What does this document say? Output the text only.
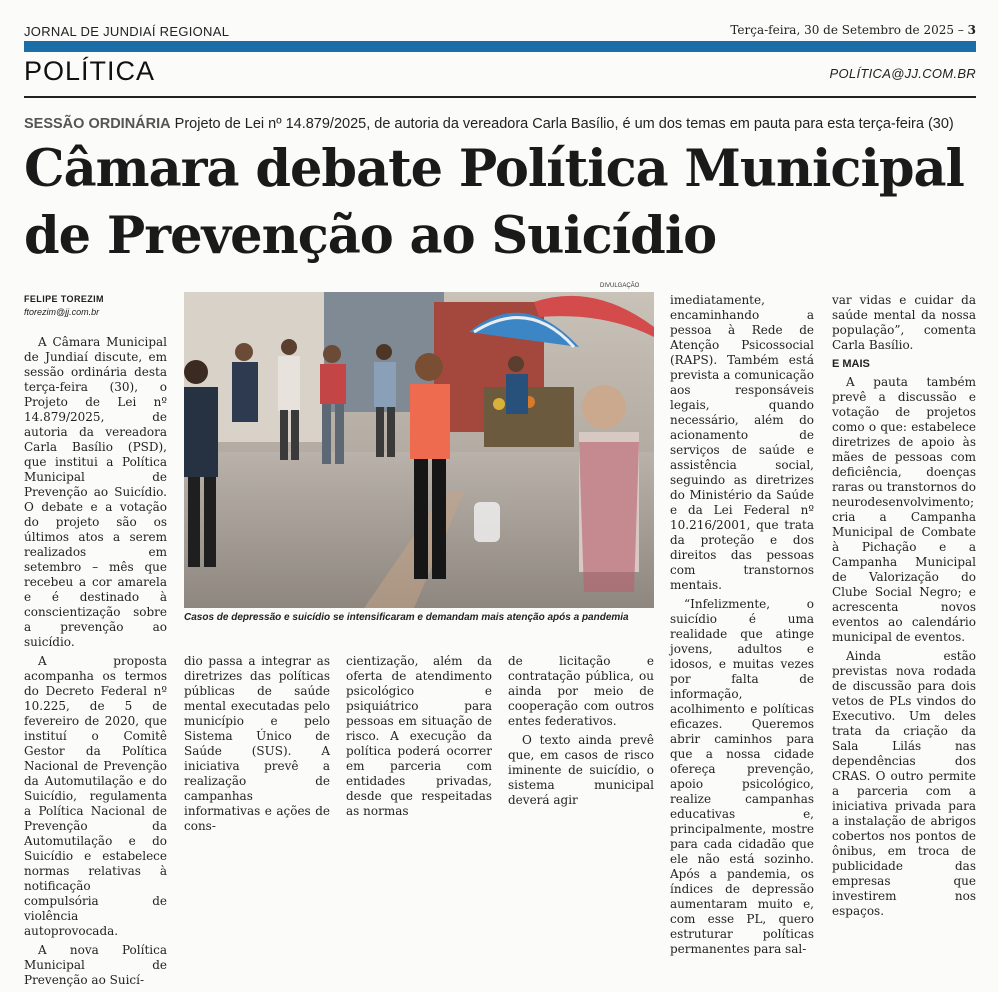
JORNAL DE JUNDIAÍ REGIONAL	Terça-feira, 30 de Setembro de 2025 – 3
POLÍTICA	POLÍTICA@JJ.COM.BR
SESSÃO ORDINÁRIA Projeto de Lei nº 14.879/2025, de autoria da vereadora Carla Basílio, é um dos temas em pauta para esta terça-feira (30)
Câmara debate Política Municipal
de Prevenção ao Suicídio
FELIPE TOREZIM
ftorezim@jj.com.br

A Câmara Municipal de Jundiaí discute, em sessão ordinária desta terça-feira (30), o Projeto de Lei nº 14.879/2025, de autoria da vereadora Carla Basílio (PSD), que institui a Política Municipal de Prevenção ao Suicídio. O debate e a votação do projeto são os últimos atos a serem realizados em setembro – mês que recebeu a cor amarela e é destinado à conscientização sobre a prevenção ao suicídio.

A proposta acompanha os termos do Decreto Federal nº 10.225, de 5 de fevereiro de 2020, que instituí o Comitê Gestor da Política Nacional de Prevenção da Automutilação e do Suicídio, regulamenta a Política Nacional de Prevenção da Automutilação e do Suicídio e estabelece normas relativas à notificação compulsória de violência autoprovocada.

A nova Política Municipal de Prevenção ao Suicí-

DIVULGAÇÃO
Casos de depressão e suicídio se intensificaram e demandam mais atenção após a pandemia

dio passa a integrar as diretrizes das políticas públicas de saúde mental executadas pelo município e pelo Sistema Único de Saúde (SUS). A iniciativa prevê a realização de campanhas informativas e ações de cons-

cientização, além da oferta de atendimento psicológico e psiquiátrico para pessoas em situação de risco. A execução da política poderá ocorrer em parceria com entidades privadas, desde que respeitadas as normas

de licitação e contratação pública, ou ainda por meio de cooperação com outros entes federativos.

O texto ainda prevê que, em casos de risco iminente de suicídio, o sistema municipal deverá agir

imediatamente, encaminhando a pessoa à Rede de Atenção Psicossocial (RAPS). Também está prevista a comunicação aos responsáveis legais, quando necessário, além do acionamento de serviços de saúde e assistência social, seguindo as diretrizes do Ministério da Saúde e da Lei Federal nº 10.216/2001, que trata da proteção e dos direitos das pessoas com transtornos mentais.

“Infelizmente, o suicídio é uma realidade que atinge jovens, adultos e idosos, e muitas vezes por falta de informação, acolhimento e políticas eficazes. Queremos abrir caminhos para que a nossa cidade ofereça prevenção, apoio psicológico, realize campanhas educativas e, principalmente, mostre para cada cidadão que ele não está sozinho. Após a pandemia, os índices de depressão aumentaram muito e, com esse PL, quero estruturar políticas permanentes para sal-

var vidas e cuidar da saúde mental da nossa população”, comenta Carla Basílio.

E MAIS

A pauta também prevê a discussão e votação de projetos como o que: estabelece diretrizes de apoio às mães de pessoas com deficiência, doenças raras ou transtornos do neurodesenvolvimento; cria a Campanha Municipal de Combate à Pichação e a Campanha Municipal de Valorização do Clube Social Negro; e acrescenta novos eventos ao calendário municipal de eventos.

Ainda estão previstas nova rodada de discussão para dois vetos de PLs vindos do Executivo. Um deles trata da criação da Sala Lilás nas dependências dos CRAS. O outro permite a parceria com a iniciativa privada para a instalação de abrigos cobertos nos pontos de ônibus, em troca de publicidade das empresas que investirem nos espaços.
